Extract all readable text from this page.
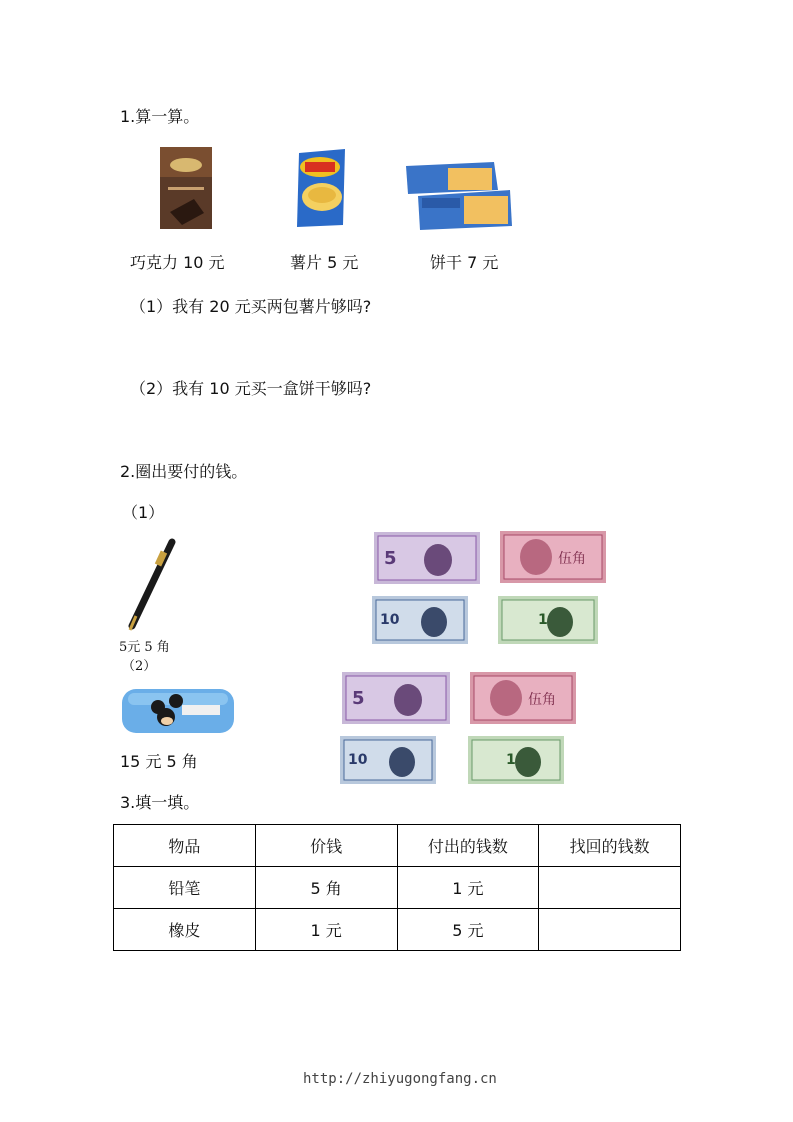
1.算一算。
巧克力 10 元	薯片 5 元	饼干 7 元
（1）我有 20 元买两包薯片够吗?
（2）我有 10 元买一盒饼干够吗?
2.圈出要付的钱。
（1）
5元 5 角
（2）
5	伍角
10	1
15 元 5 角
5	伍角
10	1
3.填一填。
物品	价钱	付出的钱数	找回的钱数
铅笔	5 角	1 元	
橡皮	1 元	5 元	
http://zhiyugongfang.cn
